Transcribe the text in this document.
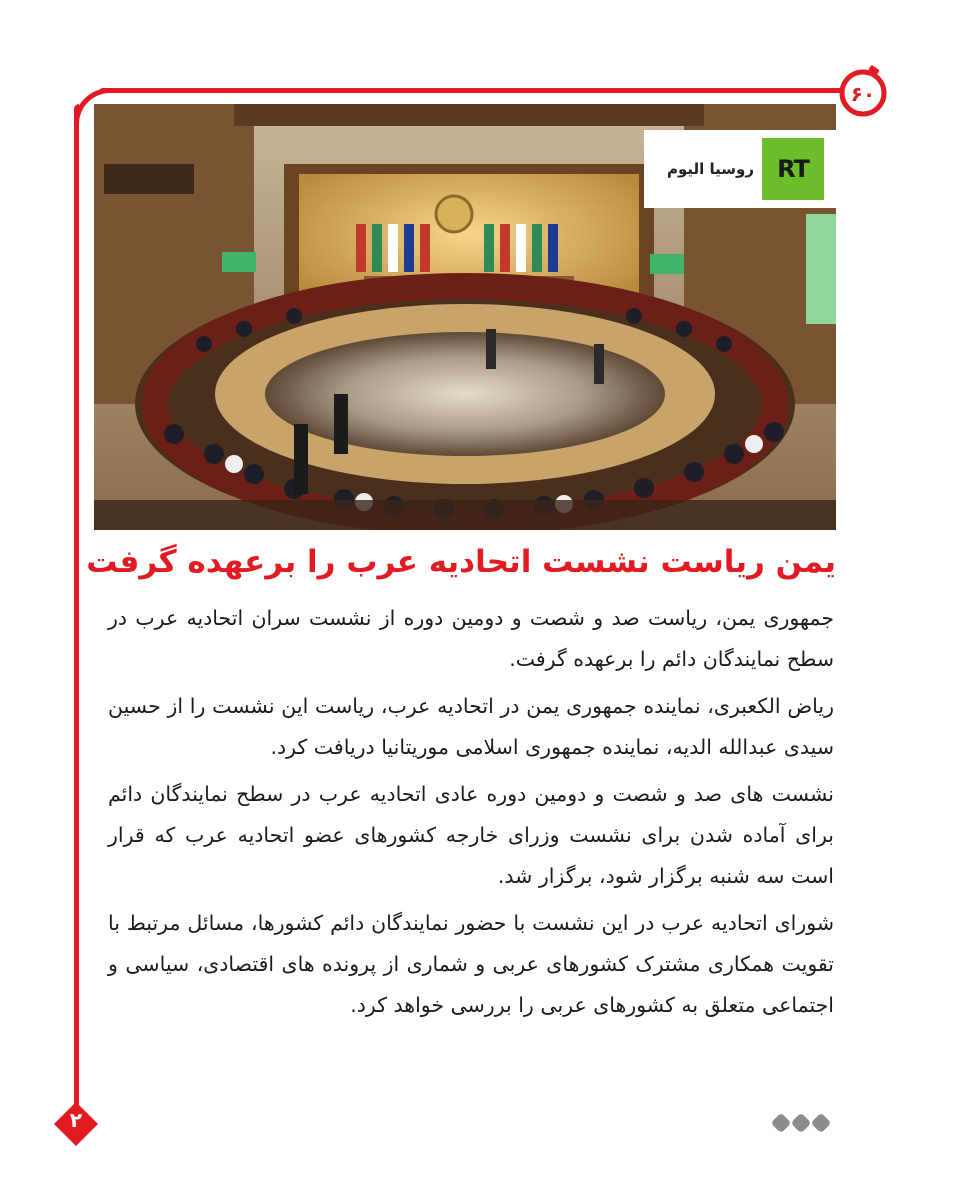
۶۰
روسیا الیوم RT
یمن ریاست نشست اتحادیه عرب را برعهده گرفت

جمهوری یمن، ریاست صد و شصت و دومین دوره از نشست سران اتحادیه عرب در سطح نمایندگان دائم را برعهده گرفت.

ریاض الکعبری، نماینده جمهوری یمن در اتحادیه عرب، ریاست این نشست را از حسین سیدی عبدالله الدیه، نماینده جمهوری اسلامی موریتانیا دریافت کرد.

نشست های صد و شصت و دومین دوره عادی اتحادیه عرب در سطح نمایندگان دائم برای آماده شدن برای نشست وزرای خارجه کشورهای عضو اتحادیه عرب که قرار است سه شنبه برگزار شود، برگزار شد.

شورای اتحادیه عرب در این نشست با حضور نمایندگان دائم کشورها، مسائل مرتبط با تقویت همکاری مشترک کشورهای عربی و شماری از پرونده های اقتصادی، سیاسی و اجتماعی متعلق به کشورهای عربی را بررسی خواهد کرد.

۲
